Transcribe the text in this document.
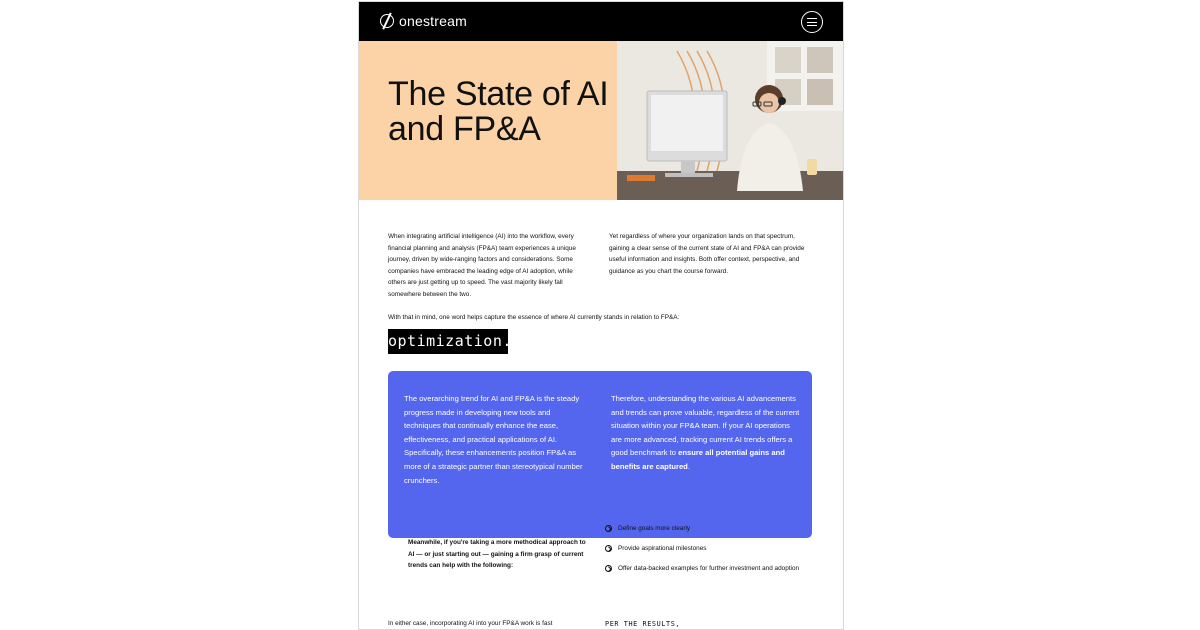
onestream
The State of AI and FP&A

When integrating artificial intelligence (AI) into the workflow, every financial planning and analysis (FP&A) team experiences a unique journey, driven by wide-ranging factors and considerations. Some companies have embraced the leading edge of AI adoption, while others are just getting up to speed. The vast majority likely fall somewhere between the two.

Yet regardless of where your organization lands on that spectrum, gaining a clear sense of the current state of AI and FP&A can provide useful information and insights. Both offer context, perspective, and guidance as you chart the course forward.

With that in mind, one word helps capture the essence of where AI currently stands in relation to FP&A:

optimization.

The overarching trend for AI and FP&A is the steady progress made in developing new tools and techniques that continually enhance the ease, effectiveness, and practical applications of AI. Specifically, these enhancements position FP&A as more of a strategic partner than stereotypical number crunchers.

Therefore, understanding the various AI advancements and trends can prove valuable, regardless of the current situation within your FP&A team. If your AI operations are more advanced, tracking current AI trends offers a good benchmark to ensure all potential gains and benefits are captured.

Meanwhile, if you're taking a more methodical approach to AI — or just starting out — gaining a firm grasp of current trends can help with the following:

Define goals more clearly
Provide aspirational milestones
Offer data-backed examples for further investment and adoption

In either case, incorporating AI into your FP&A work is fast	PER THE RESULTS,
